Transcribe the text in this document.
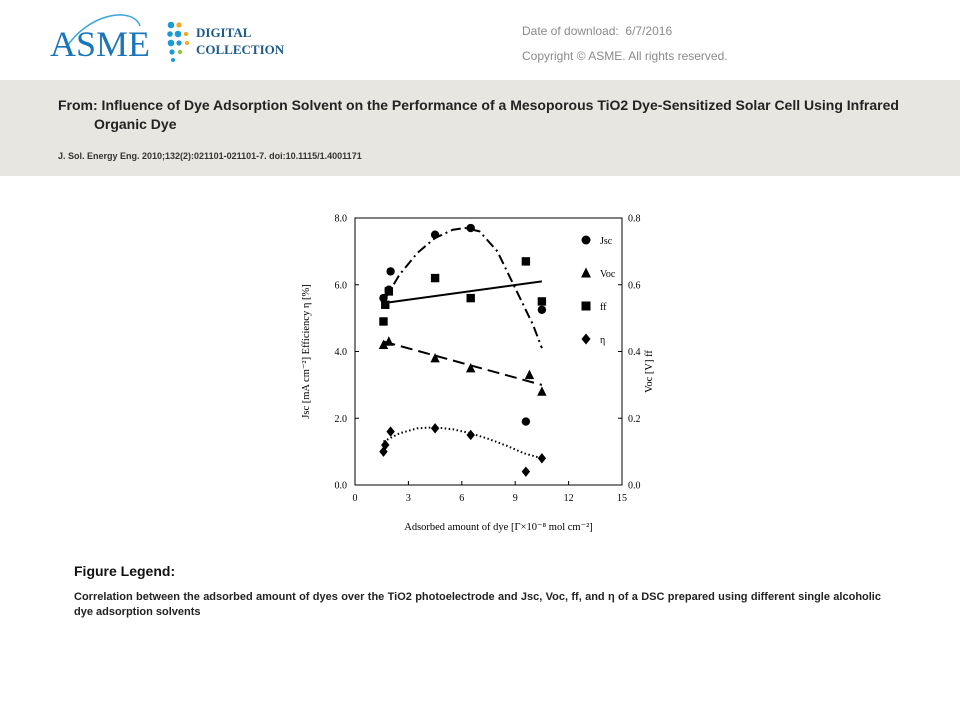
ASME	DIGITAL
COLLECTION
Date of download: 6/7/2016
Copyright © ASME. All rights reserved.
From: Influence of Dye Adsorption Solvent on the Performance of a Mesoporous TiO2 Dye-Sensitized Solar Cell Using Infrared Organic Dye
J. Sol. Energy Eng. 2010;132(2):021101-021101-7. doi:10.1115/1.4001171
0	3	6	9	12	15
0.0
2.0
4.0
6.0
8.0
0.0
0.2
0.4
0.6
0.8
Adsorbed amount of dye [Γ×10⁻⁸ mol cm⁻²]
Jsc [mA cm⁻²] Efficiency η [%]	Voc [V] ff
Jsc
Voc
ff
η
Figure Legend:
Correlation between the adsorbed amount of dyes over the TiO2 photoelectrode and Jsc, Voc, ff, and η of a DSC prepared using different single alcoholic dye adsorption solvents
